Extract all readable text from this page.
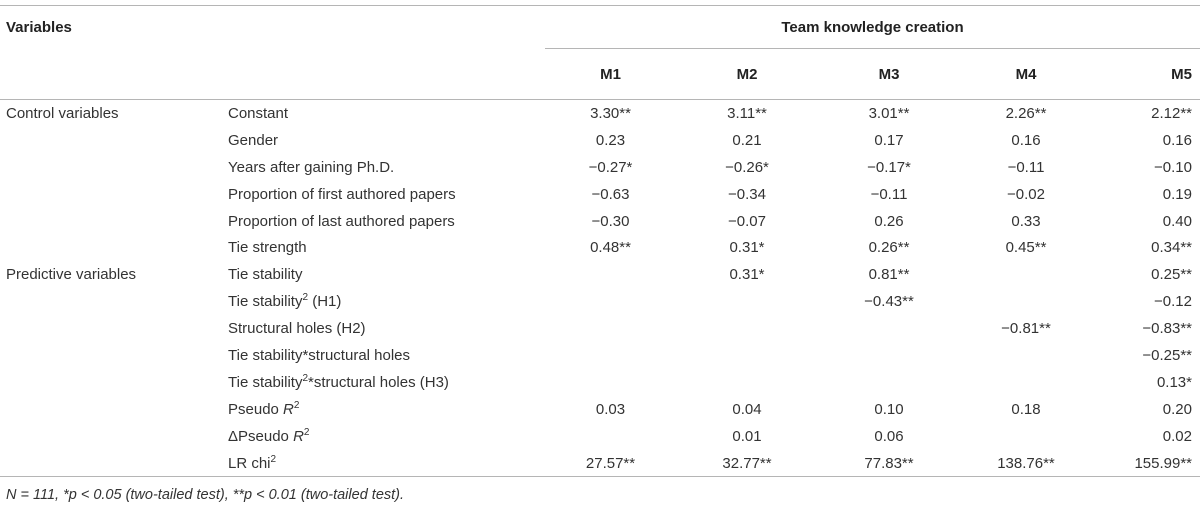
Variables		Team knowledge creation				
		M1	M2	M3	M4	M5
Control variables	Constant	3.30**	3.11**	3.01**	2.26**	2.12**
	Gender	0.23	0.21	0.17	0.16	0.16
	Years after gaining Ph.D.	−0.27*	−0.26*	−0.17*	−0.11	−0.10
	Proportion of first authored papers	−0.63	−0.34	−0.11	−0.02	0.19
	Proportion of last authored papers	−0.30	−0.07	0.26	0.33	0.40
	Tie strength	0.48**	0.31*	0.26**	0.45**	0.34**
Predictive variables	Tie stability		0.31*	0.81**		0.25**
	Tie stability$^2$ (H1)			−0.43**		−0.12
	Structural holes (H2)				−0.81**	−0.83**
	Tie stability*structural holes					−0.25**
	Tie stability$^2$*structural holes (H3)					0.13*
	Pseudo $R^2$	0.03	0.04	0.10	0.18	0.20
	ΔPseudo $R^2$		0.01	0.06		0.02
	LR chi$^2$	27.57**	32.77**	77.83**	138.76**	155.99**

N = 111, *p < 0.05 (two-tailed test), **p < 0.01 (two-tailed test).
